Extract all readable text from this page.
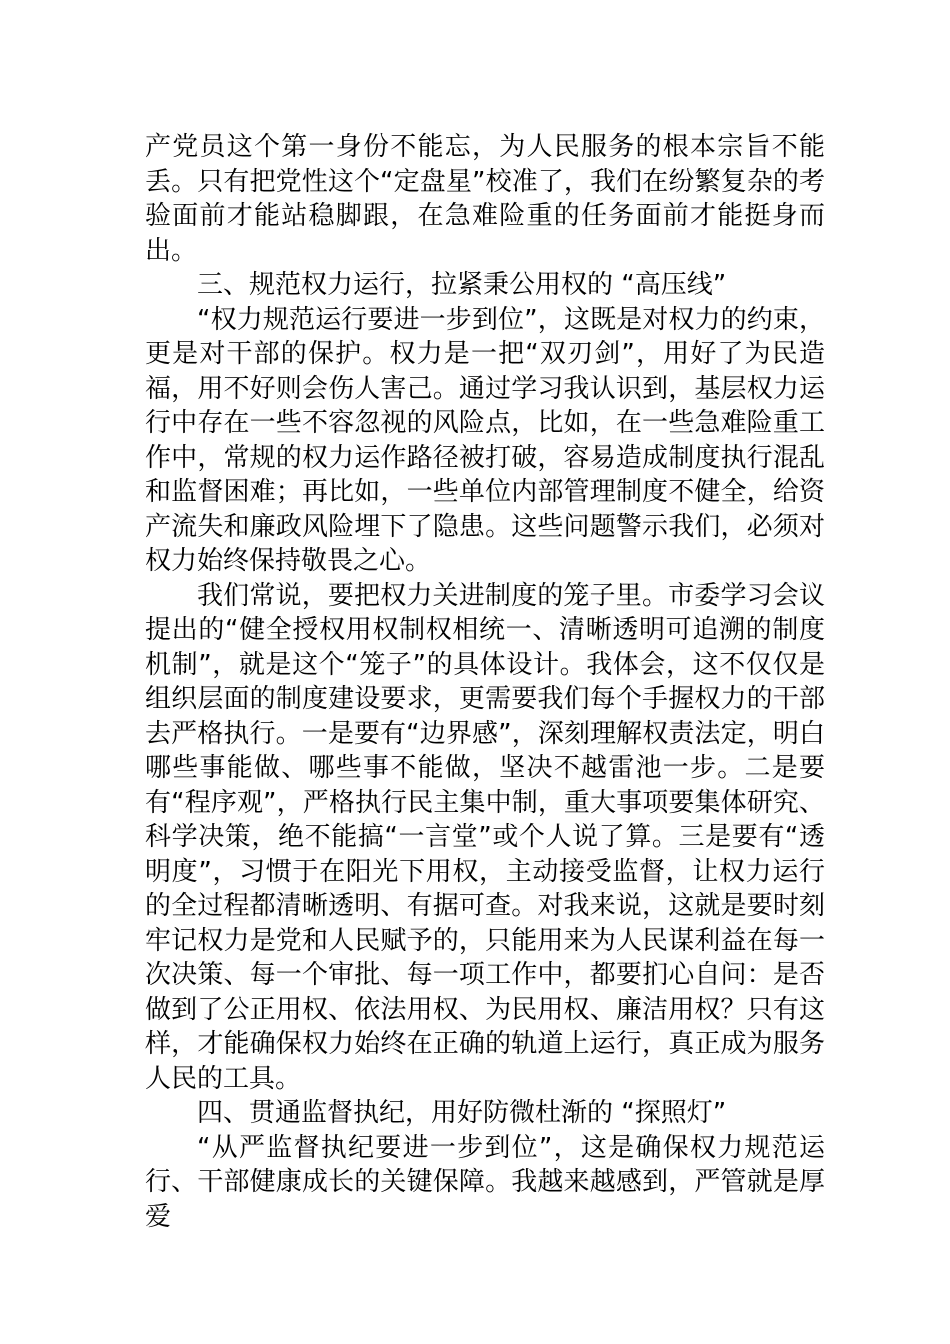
产党员这个第一身份不能忘，为人民服务的根本宗旨不能丢。只有把党性这个“定盘星”校准了，我们在纷繁复杂的考验面前才能站稳脚跟，在急难险重的任务面前才能挺身而出。

三、规范权力运行，拉紧秉公用权的 “高压线”

“权力规范运行要进一步到位”，这既是对权力的约束，更是对干部的保护。权力是一把“双刃剑”，用好了为民造福，用不好则会伤人害己。通过学习我认识到，基层权力运行中存在一些不容忽视的风险点，比如，在一些急难险重工作中，常规的权力运作路径被打破，容易造成制度执行混乱和监督困难；再比如，一些单位内部管理制度不健全，给资产流失和廉政风险埋下了隐患。这些问题警示我们，必须对权力始终保持敬畏之心。

我们常说，要把权力关进制度的笼子里。市委学习会议提出的“健全授权用权制权相统一、清晰透明可追溯的制度机制”，就是这个“笼子”的具体设计。我体会，这不仅仅是组织层面的制度建设要求，更需要我们每个手握权力的干部去严格执行。一是要有“边界感”，深刻理解权责法定，明白哪些事能做、哪些事不能做，坚决不越雷池一步。二是要有“程序观”，严格执行民主集中制，重大事项要集体研究、科学决策，绝不能搞“一言堂”或个人说了算。三是要有“透明度”，习惯于在阳光下用权，主动接受监督，让权力运行的全过程都清晰透明、有据可查。对我来说，这就是要时刻牢记权力是党和人民赋予的，只能用来为人民谋利益在每一次决策、每一个审批、每一项工作中，都要扪心自问：是否做到了公正用权、依法用权、为民用权、廉洁用权？只有这样，才能确保权力始终在正确的轨道上运行，真正成为服务人民的工具。

四、贯通监督执纪，用好防微杜渐的 “探照灯”

“从严监督执纪要进一步到位”，这是确保权力规范运行、干部健康成长的关键保障。我越来越感到，严管就是厚爱
